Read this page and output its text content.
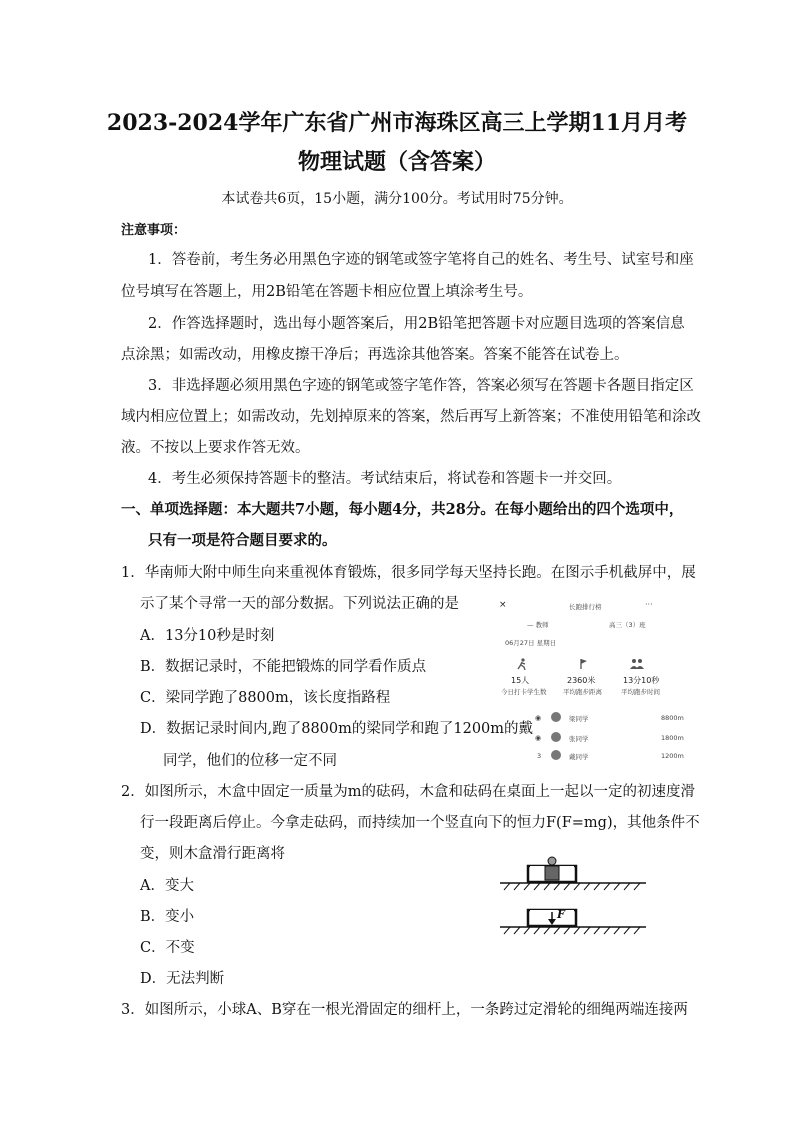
2023-2024学年广东省广州市海珠区高三上学期11月月考
物理试题（含答案）
本试卷共6页，15小题，满分100分。考试用时75分钟。
注意事项：
1．答卷前，考生务必用黑色字迹的钢笔或签字笔将自己的姓名、考生号、试室号和座
位号填写在答题上，用2B铅笔在答题卡相应位置上填涂考生号。
2．作答选择题时，选出每小题答案后，用2B铅笔把答题卡对应题目选项的答案信息
点涂黑；如需改动，用橡皮擦干净后；再选涂其他答案。答案不能答在试卷上。
3．非选择题必须用黑色字迹的钢笔或签字笔作答，答案必须写在答题卡各题目指定区
域内相应位置上；如需改动，先划掉原来的答案，然后再写上新答案；不准使用铅笔和涂改
液。不按以上要求作答无效。
4．考生必须保持答题卡的整洁。考试结束后，将试卷和答题卡一并交回。
一、单项选择题：本大题共7小题，每小题4分，共28分。在每小题给出的四个选项中，
只有一项是符合题目要求的。
1．华南师大附中师生向来重视体育锻炼，很多同学每天坚持长跑。在图示手机截屏中，展
示了某个寻常一天的部分数据。下列说法正确的是
A．13分10秒是时刻
B．数据记录时，不能把锻炼的同学看作质点
C．梁同学跑了8800m，该长度指路程
D．数据记录时间内,跑了8800m的梁同学和跑了1200m的戴
同学，他们的位移一定不同
×	长跑排行榜	···
— 教师	高三（3）班
06月27日 星期日
15人
今日打卡学生数
2360米
平均跑步距离
13分10秒
平均跑步时间
◉	梁同学	8800m
◉	张同学	1800m
3	戴同学	1200m
2．如图所示，木盒中固定一质量为m的砝码，木盒和砝码在桌面上一起以一定的初速度滑
行一段距离后停止。今拿走砝码，而持续加一个竖直向下的恒力F(F=mg)，其他条件不
变，则木盒滑行距离将
A．变大
B．变小
C．不变
D．无法判断
F
3．如图所示，小球A、B穿在一根光滑固定的细杆上，一条跨过定滑轮的细绳两端连接两
